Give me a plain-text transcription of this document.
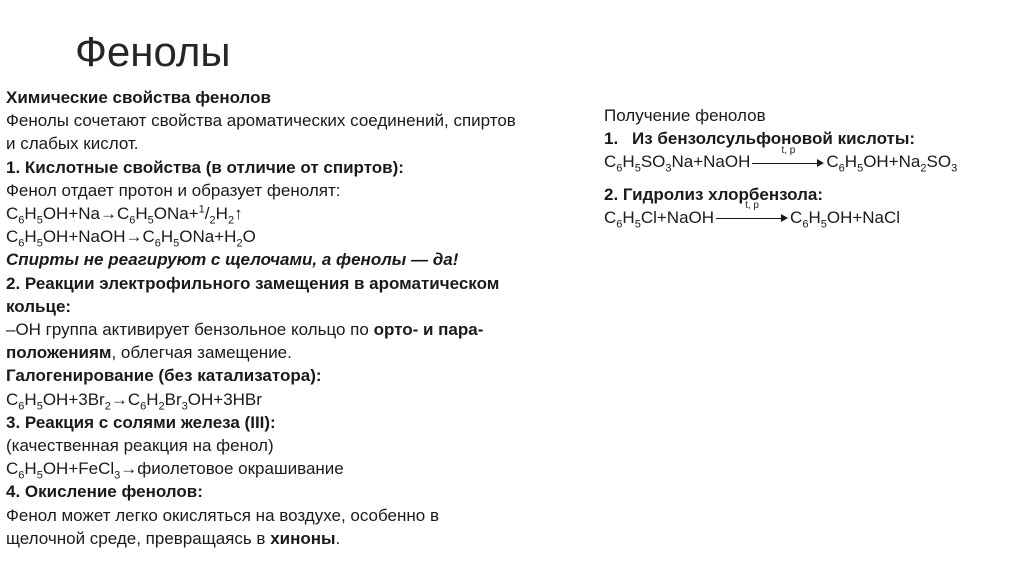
Фенолы
Химические свойства фенолов
Фенолы сочетают свойства ароматических соединений, спиртов
и слабых кислот.
1. Кислотные свойства (в отличие от спиртов):
Фенол отдает протон и образует фенолят:
$C_6H_5OH+Na\to C_6H_5ONa+^1/_2H_2↑$
$C_6H_5OH+NaOH\to C_6H_5ONa+H_2O$
Спирты не реагируют с щелочами, а фенолы — да!
2. Реакции электрофильного замещения в ароматическом
кольце:
–OH группа активирует бензольное кольцо по орто- и пара-
положениям, облегчая замещение.
Галогенирование (без катализатора):
$C_6H_5OH+3Br_2\to C_6H_2Br_3OH+3HBr$
3. Реакция с солями железа (III):
(качественная реакция на фенол)
$C_6H_5OH+FeCl_3\to фиолетовое$ окрашивание
4. Окисление фенолов:
Фенол может легко окисляться на воздухе, особенно в
щелочной среде, превращаясь в хиноны.
Получение фенолов
1. Из бензолсульфоновой кислоты:
$C_6H_5SO_3Na+NaOH$
t, p
$C_6H_5OH+Na_2SO_3$
2. Гидролиз хлорбензола:
$C_6H_5Cl+NaOH$
t, p
$C_6H_5OH+NaCl$
